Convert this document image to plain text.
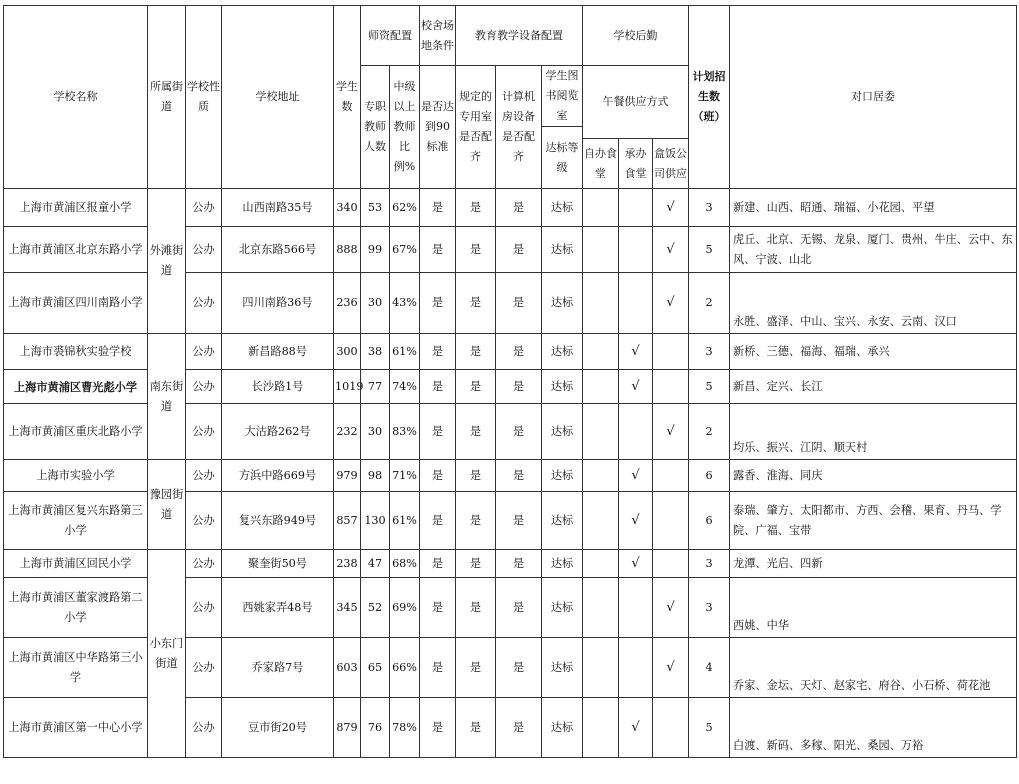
学校名称	所属街道	学校性质	学校地址	学生数	师资配置		校舍场地条件	教育教学设备配置			学校后勤			计划招生数（班）	对口居委
					专职教师人数	中级以上教师比例%	是否达到90标准	规定的专用室是否配齐	计算机房设备是否配齐	学生图书阅览室	午餐供应方式				
										达标等级					
											自办食堂	承办食堂	盒饭公司供应		
上海市黄浦区报童小学	外滩街道	公办	山西南路35号	340	53	62%	是	是	是	达标			√	3	新建、山西、昭通、瑞福、小花园、平望
上海市黄浦区北京东路小学		公办	北京东路566号	888	99	67%	是	是	是	达标			√	5	虎丘、北京、无锡、龙泉、厦门、贵州、牛庄、云中、东风、宁波、山北
上海市黄浦区四川南路小学		公办	四川南路36号	236	30	43%	是	是	是	达标			√	2	永胜、盛泽、中山、宝兴、永安、云南、汉口
上海市裘锦秋实验学校	南东街道	公办	新昌路88号	300	38	61%	是	是	是	达标		√		3	新桥、三德、福海、福瑞、承兴
上海市黄浦区曹光彪小学		公办	长沙路1号	1019	77	74%	是	是	是	达标		√		5	新昌、定兴、长江
上海市黄浦区重庆北路小学		公办	大沽路262号	232	30	83%	是	是	是	达标			√	2	均乐、振兴、江阴、顺天村
上海市实验小学	豫园街道	公办	方浜中路669号	979	98	71%	是	是	是	达标		√		6	露香、淮海、同庆
上海市黄浦区复兴东路第三小学		公办	复兴东路949号	857	130	61%	是	是	是	达标		√		6	泰瑞、肇方、太阳都市、方西、会稽、果育、丹马、学院、广福、宝带
上海市黄浦区回民小学	小东门街道	公办	聚奎街50号	238	47	68%	是	是	是	达标		√		3	龙潭、光启、四新
上海市黄浦区董家渡路第二小学		公办	西姚家弄48号	345	52	69%	是	是	是	达标			√	3	西姚、中华
上海市黄浦区中华路第三小学		公办	乔家路7号	603	65	66%	是	是	是	达标			√	4	乔家、金坛、天灯、赵家宅、府谷、小石桥、荷花池
上海市黄浦区第一中心小学		公办	豆市街20号	879	76	78%	是	是	是	达标		√		5	白渡、新码、多稼、阳光、桑园、万裕
